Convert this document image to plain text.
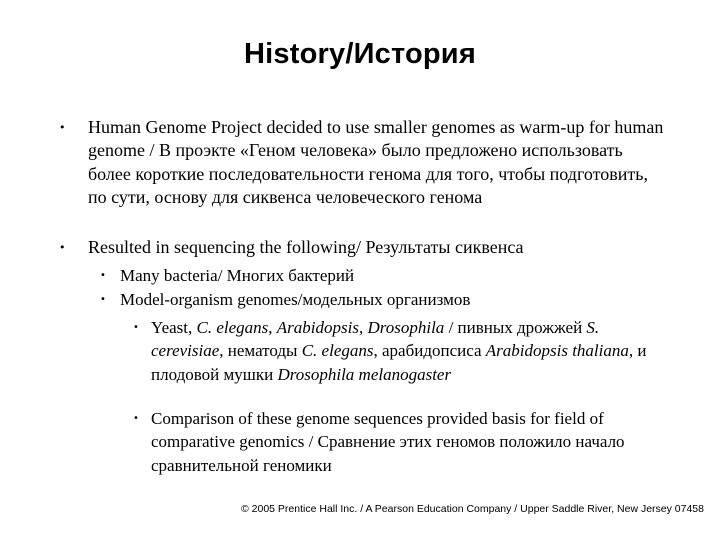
History/История
• Human Genome Project decided to use smaller genomes as warm-up for human genome / В проэкте «Геном человека» было предложено использовать более короткие последовательности генома для того, чтобы подготовить, по сути, основу для сиквенса человеческого генома
• Resulted in sequencing the following/ Результаты сиквенса
• Many bacteria/ Многих бактерий
• Model-organism genomes/модельных организмов
• Yeast, C. elegans, Arabidopsis, Drosophila / пивных дрожжей S. cerevisiae, нематоды C. elegans, арабидопсиса Arabidopsis thaliana, и плодовой мушки Drosophila melanogaster
• Comparison of these genome sequences provided basis for field of comparative genomics / Сравнение этих геномов положило начало сравнительной геномики
© 2005 Prentice Hall Inc. / A Pearson Education Company / Upper Saddle River, New Jersey 07458
